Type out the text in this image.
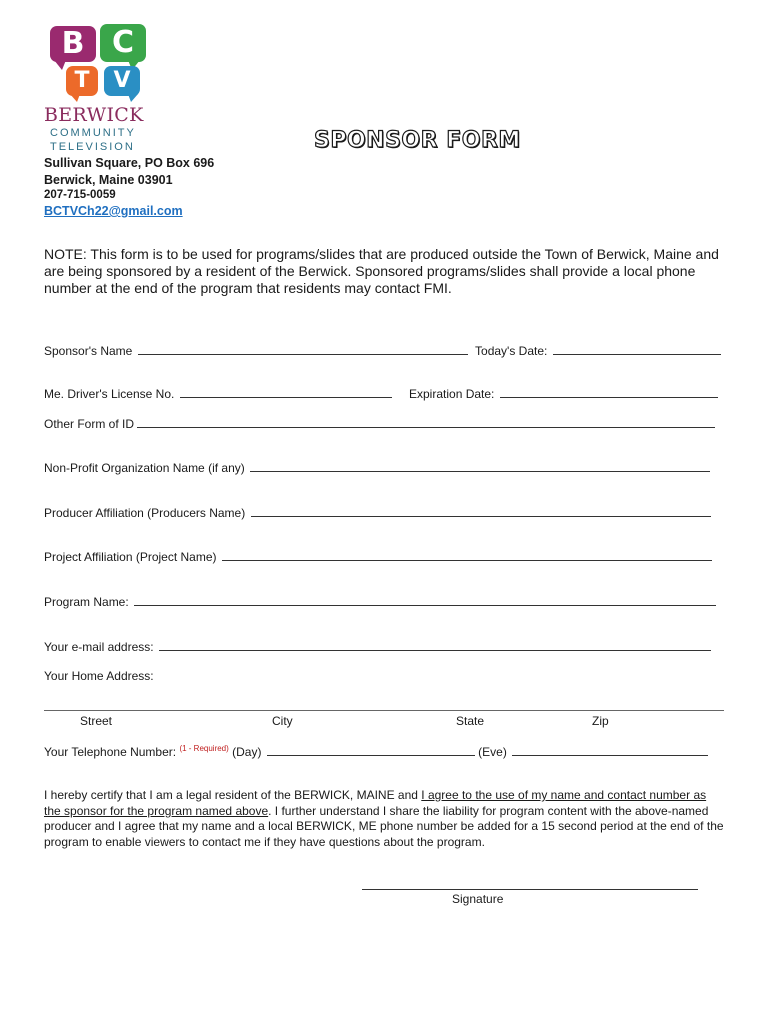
B C
T	V
BERWICK
COMMUNITY
TELEVISION	SPONSOR FORM
Sullivan Square, PO Box 696
Berwick, Maine 03901
207-715-0059
BCTVCh22@gmail.com
NOTE: This form is to be used for programs/slides that are produced outside the Town of Berwick, Maine and are being sponsored by a resident of the Berwick. Sponsored programs/slides shall provide a local phone number at the end of the program that residents may contact FMI.
Sponsor's Name	Today's Date:
Me. Driver's License No.	Expiration Date:
Other Form of ID
Non-Profit Organization Name (if any)
Producer Affiliation (Producers Name)
Project Affiliation (Project Name)
Program Name:
Your e-mail address:
Your Home Address:
Street	City	State	Zip
Your Telephone Number: $^{(1 - Required)}$ (Day)	(Eve)
I hereby certify that I am a legal resident of the BERWICK, MAINE and I agree to the use of my name and contact number as the sponsor for the program named above. I further understand I share the liability for program content with the above-named producer and I agree that my name and a local BERWICK, ME phone number be added for a 15 second period at the end of the program to enable viewers to contact me if they have questions about the program.
Signature
